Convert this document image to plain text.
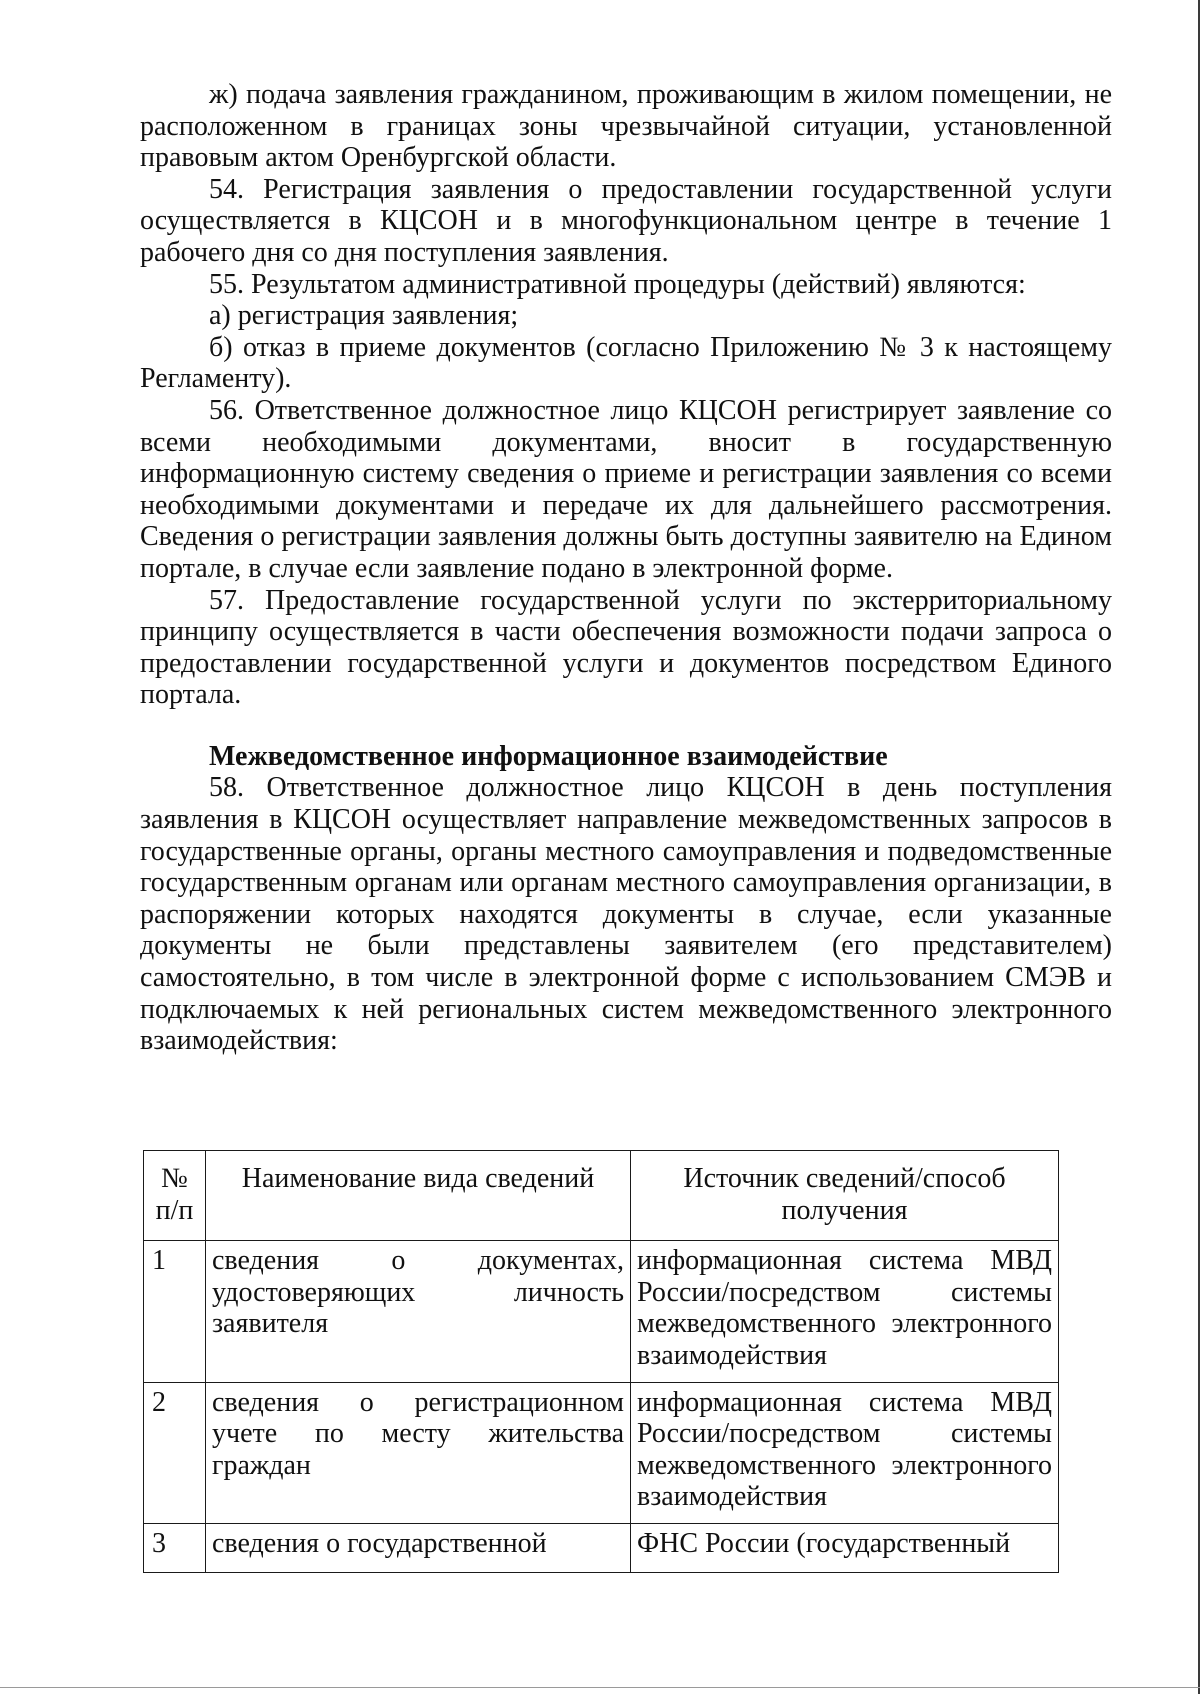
ж) подача заявления гражданином, проживающим в жилом помещении, не расположенном в границах зоны чрезвычайной ситуации, установленной правовым актом Оренбургской области.

54. Регистрация заявления о предоставлении государственной услуги осуществляется в КЦСОН и в многофункциональном центре в течение 1 рабочего дня со дня поступления заявления.

55. Результатом административной процедуры (действий) являются:

а) регистрация заявления;

б) отказ в приеме документов (согласно Приложению № 3 к настоящему Регламенту).

56. Ответственное должностное лицо КЦСОН регистрирует заявление со всеми необходимыми документами, вносит в государственную информационную систему сведения о приеме и регистрации заявления со всеми необходимыми документами и передаче их для дальнейшего рассмотрения. Сведения о регистрации заявления должны быть доступны заявителю на Едином портале, в случае если заявление подано в электронной форме.

57. Предоставление государственной услуги по экстерриториальному принципу осуществляется в части обеспечения возможности подачи запроса о предоставлении государственной услуги и документов посредством Единого портала.

Межведомственное информационное взаимодействие

58. Ответственное должностное лицо КЦСОН в день поступления заявления в КЦСОН осуществляет направление межведомственных запросов в государственные органы, органы местного самоуправления и подведомственные государственным органам или органам местного самоуправления организации, в распоряжении которых находятся документы в случае, если указанные документы не были представлены заявителем (его представителем) самостоятельно, в том числе в электронной форме с использованием СМЭВ и подключаемых к ней региональных систем межведомственного электронного взаимодействия:

№ п/п	Наименование вида сведений	Источник сведений/способ получения
1	сведения о документах, удостоверяющих личность заявителя	информационная система МВД России/посредством системы межведомственного электронного взаимодействия
2	сведения о регистрационном учете по месту жительства граждан	информационная система МВД России/посредством системы межведомственного электронного взаимодействия
3	сведения о государственной	ФНС России (государственный
